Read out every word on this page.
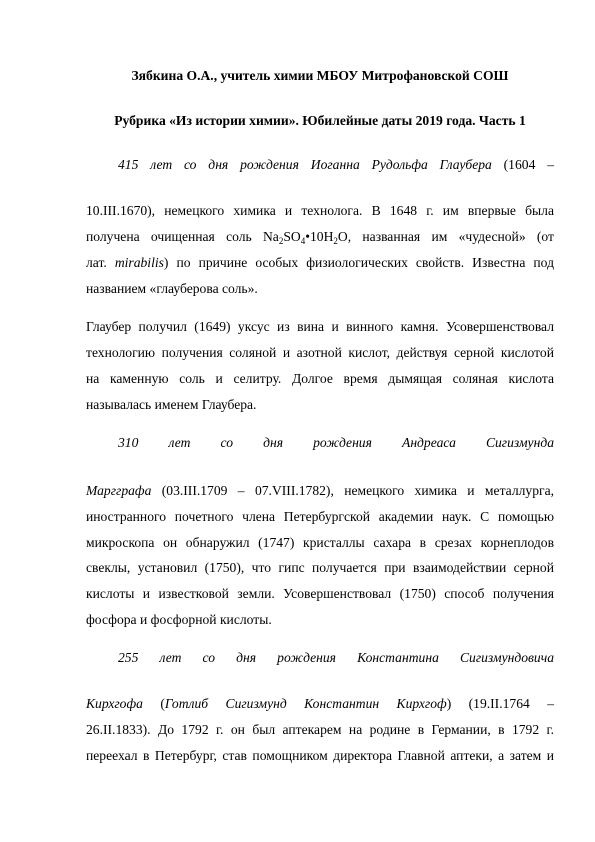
Зябкина О.А., учитель химии МБОУ Митрофановской СОШ
Рубрика «Из истории химии». Юбилейные даты 2019 года. Часть 1
415 лет со дня рождения Иоганна Рудольфа Глаубера (1604 –
10.III.1670), немецкого химика и технолога. В 1648 г. им впервые была
получена очищенная соль $Na_2SO_4•10H_2O$, названная им «чудесной» (от
лат. mirabilis) по причине особых физиологических свойств. Известна под
названием «глауберова соль».
Глаубер получил (1649) уксус из вина и винного камня. Усовершенствовал
технологию получения соляной и азотной кислот, действуя серной кислотой
на каменную соль и селитру. Долгое время дымящая соляная кислота
называлась именем Глаубера.
310 лет со дня рождения Андреаса Сигизмунда
Маргграфа (03.III.1709 – 07.VIII.1782), немецкого химика и металлурга,
иностранного почетного члена Петербургской академии наук. С помощью
микроскопа он обнаружил (1747) кристаллы сахара в срезах корнеплодов
свеклы, установил (1750), что гипс получается при взаимодействии серной
кислоты и известковой земли. Усовершенствовал (1750) способ получения
фосфора и фосфорной кислоты.
255 лет со дня рождения Константина Сигизмундовича
Кирхгофа (Готлиб Сигизмунд Константин Кирхгоф) (19.II.1764 –
26.II.1833). До 1792 г. он был аптекарем на родине в Германии, в 1792 г.
переехал в Петербург, став помощником директора Главной аптеки, а затем и
